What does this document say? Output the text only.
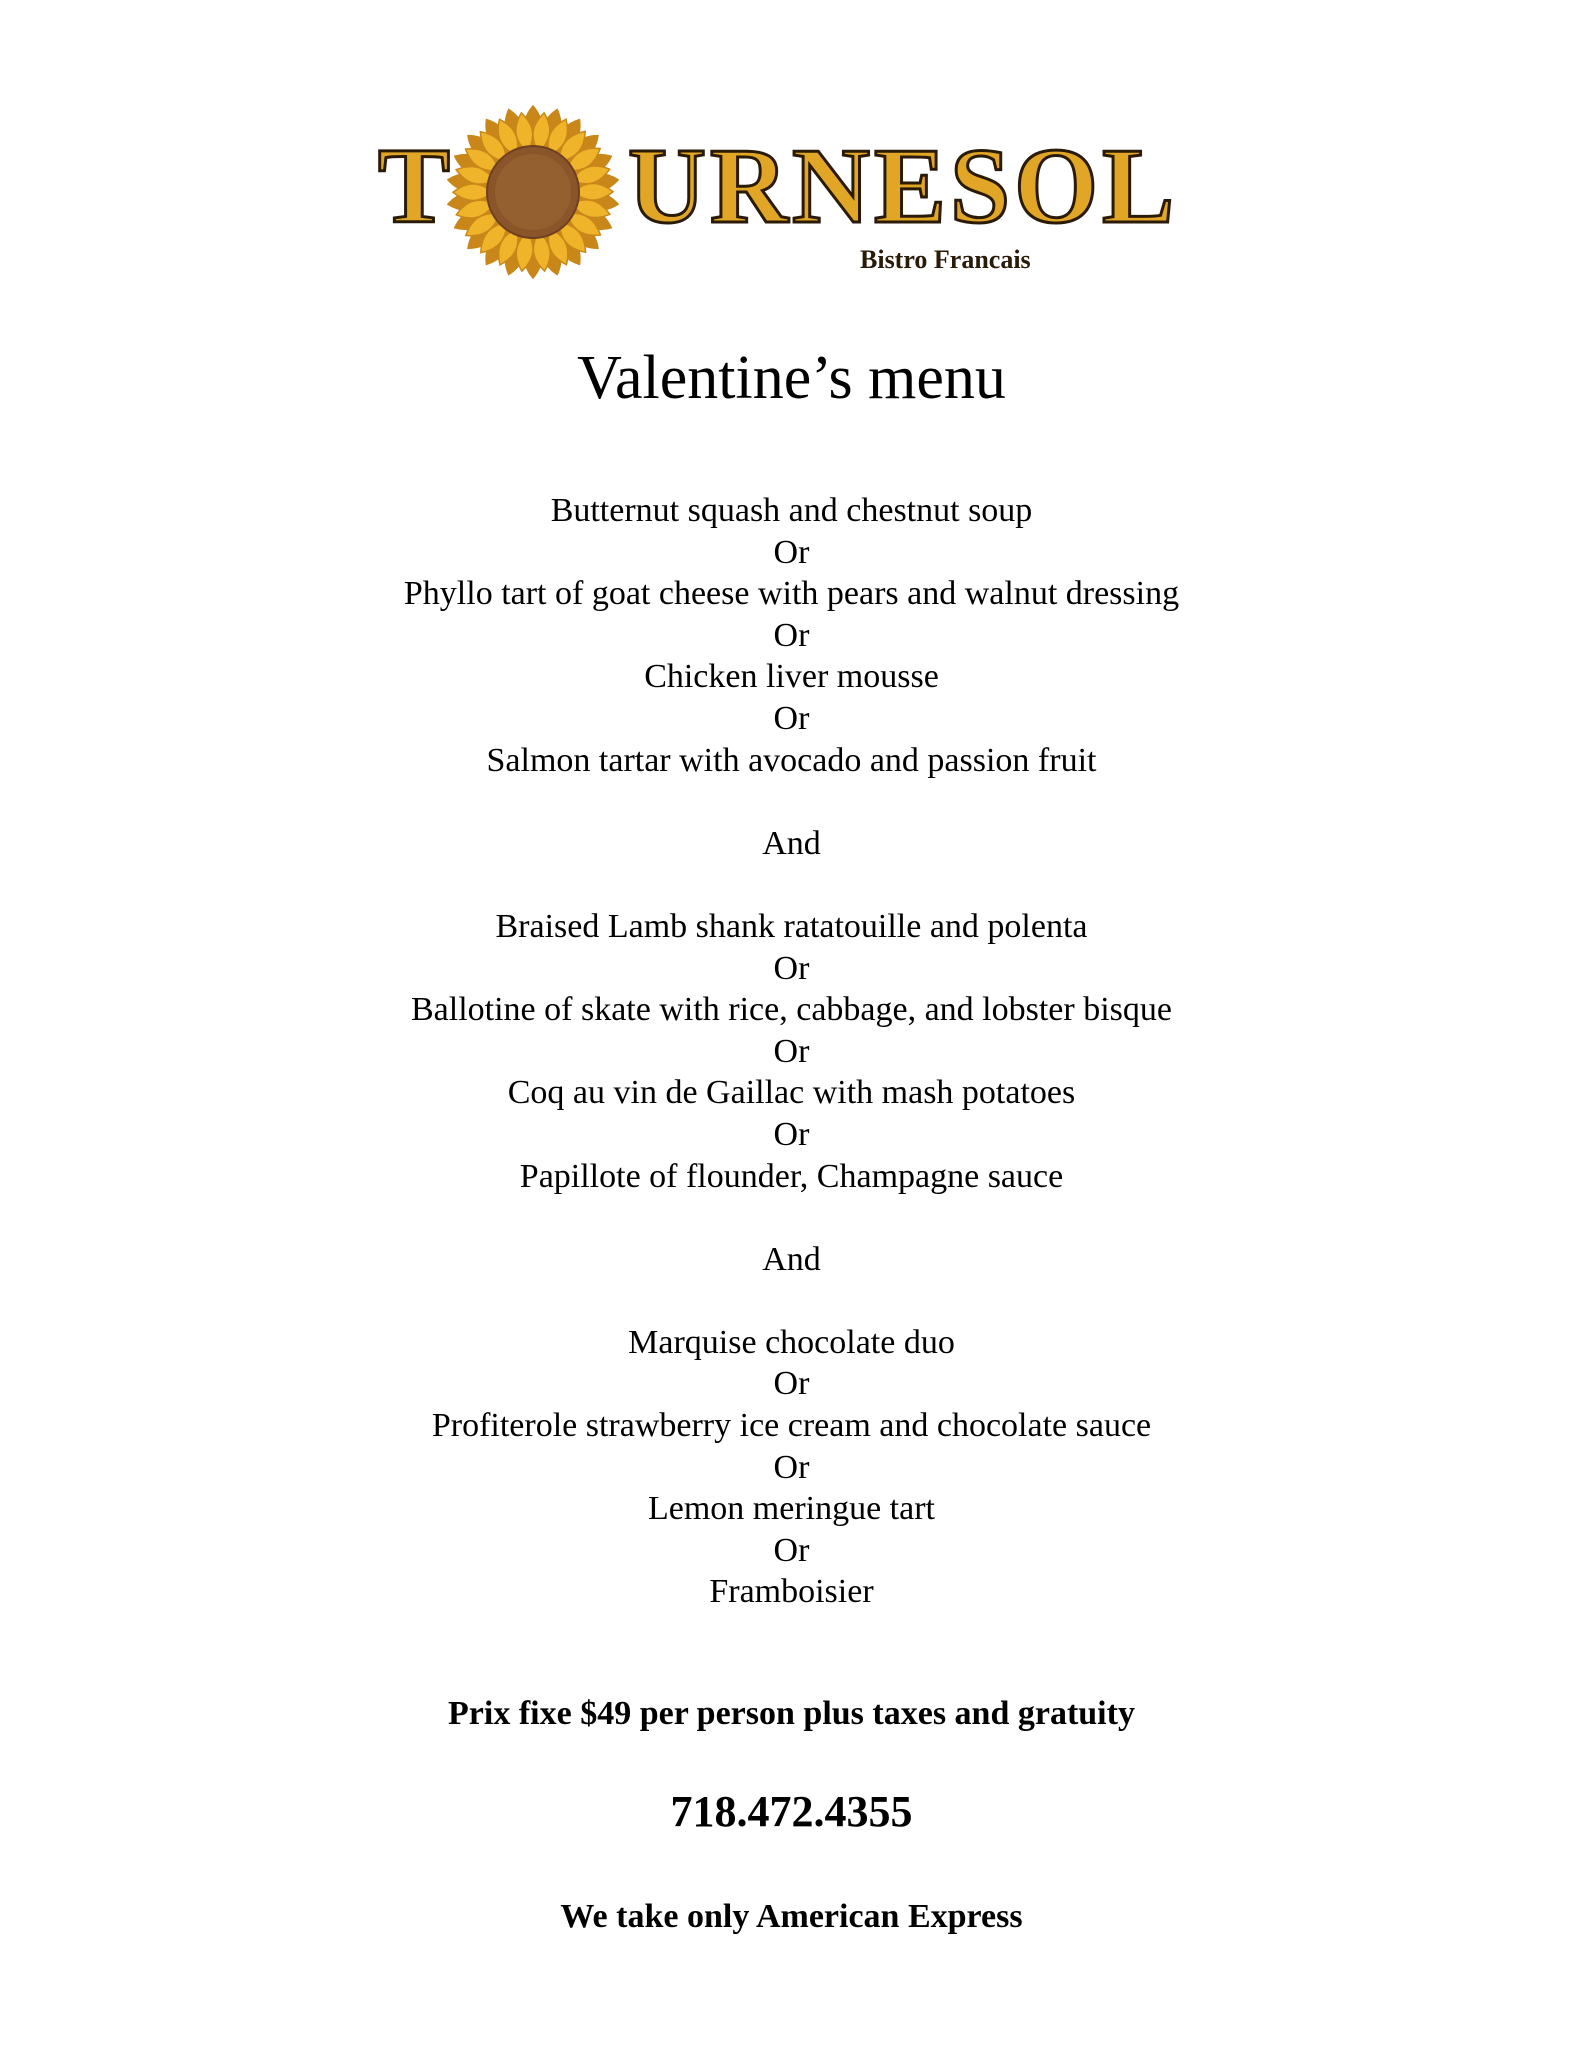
T URNESOL
Bistro Francais
Valentine’s menu
Butternut squash and chestnut soup
Or
Phyllo tart of goat cheese with pears and walnut dressing
Or
Chicken liver mousse
Or
Salmon tartar with avocado and passion fruit
And
Braised Lamb shank ratatouille and polenta
Or
Ballotine of skate with rice, cabbage, and lobster bisque
Or
Coq au vin de Gaillac with mash potatoes
Or
Papillote of flounder, Champagne sauce
And
Marquise chocolate duo
Or
Profiterole strawberry ice cream and chocolate sauce
Or
Lemon meringue tart
Or
Framboisier
Prix fixe $49 per person plus taxes and gratuity
718.472.4355
We take only American Express
